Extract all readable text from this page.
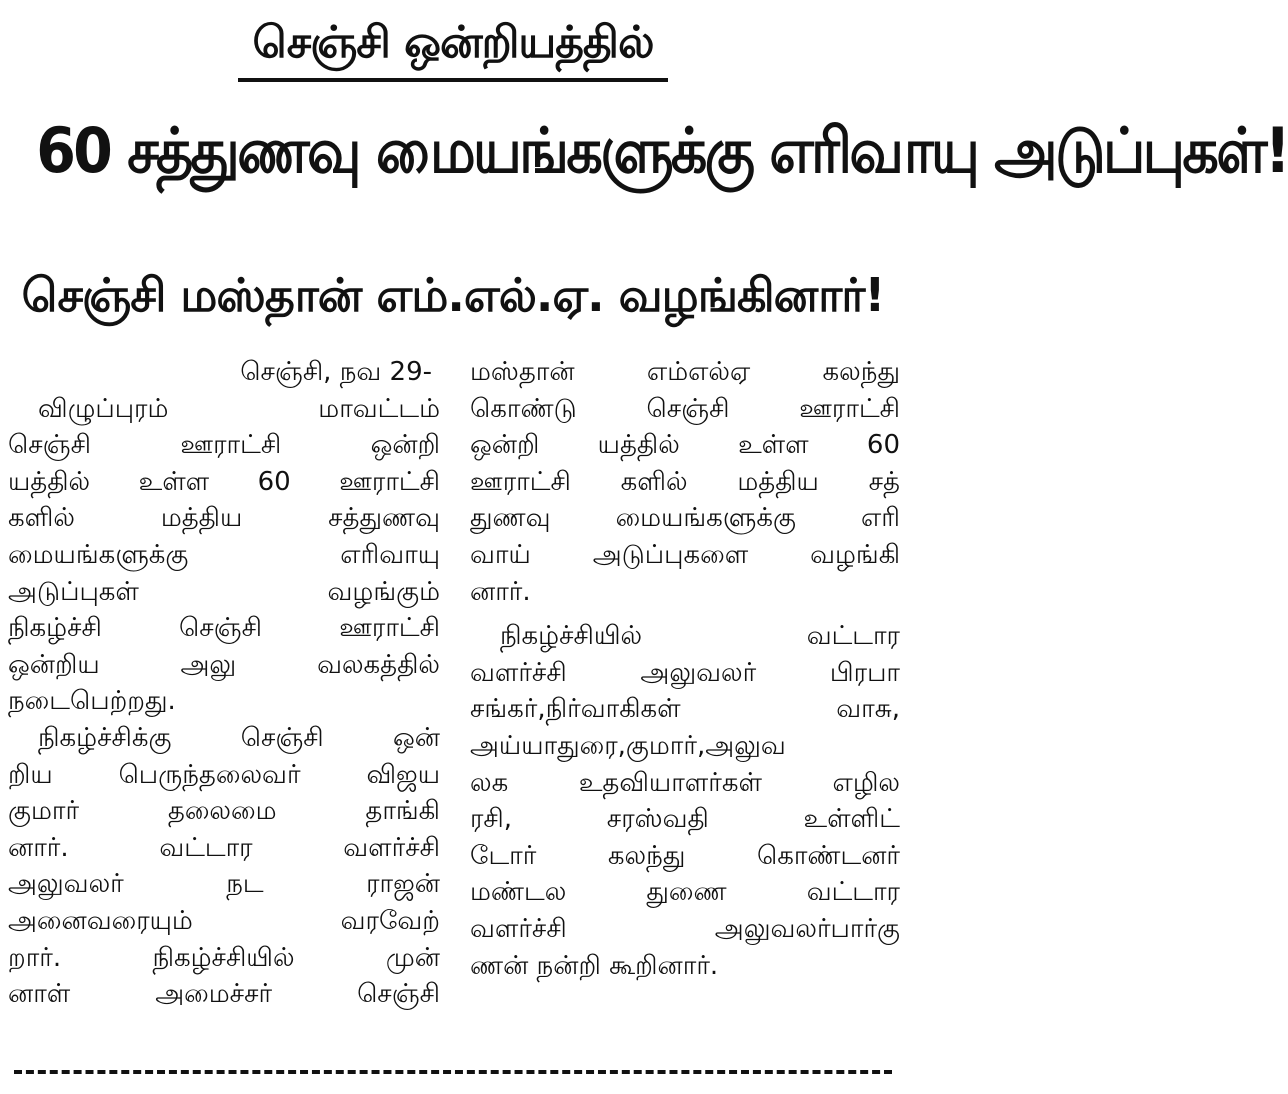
செஞ்சி ஒன்றியத்தில்
60 சத்துணவு மையங்களுக்கு எரிவாயு அடுப்புகள்!
செஞ்சி மஸ்தான் எம்.எல்.ஏ. வழங்கினார்!
செஞ்சி, நவ 29-
விழுப்புரம் மாவட்டம்
செஞ்சி ஊராட்சி ஒன்றி
யத்தில் உள்ள 60 ஊராட்சி
களில் மத்திய சத்துணவு
மையங்களுக்கு எரிவாயு
அடுப்புகள் வழங்கும்
நிகழ்ச்சி செஞ்சி ஊராட்சி
ஒன்றிய அலு வலகத்தில்
நடைபெற்றது.
நிகழ்ச்சிக்கு செஞ்சி ஒன்
றிய பெருந்தலைவர் விஜய
குமார் தலைமை தாங்கி
னார். வட்டார வளர்ச்சி
அலுவலர் நட ராஜன்
அனைவரையும் வரவேற்
றார். நிகழ்ச்சியில் முன்
னாள் அமைச்சர் செஞ்சி
மஸ்தான் எம்எல்ஏ கலந்து
கொண்டு செஞ்சி ஊராட்சி
ஒன்றி யத்தில் உள்ள 60
ஊராட்சி களில் மத்திய சத்
துணவு மையங்களுக்கு எரி
வாய் அடுப்புகளை வழங்கி
னார்.
நிகழ்ச்சியில் வட்டார
வளர்ச்சி அலுவலர் பிரபா
சங்கர்,நிர்வாகிகள் வாசு,
அய்யாதுரை,குமார்,அலுவ
லக உதவியாளர்கள் எழில
ரசி, சரஸ்வதி உள்ளிட்
டோர் கலந்து கொண்டனர்
மண்டல துணை வட்டார
வளர்ச்சி அலுவலர்பார்கு
ணன் நன்றி கூறினார்.
